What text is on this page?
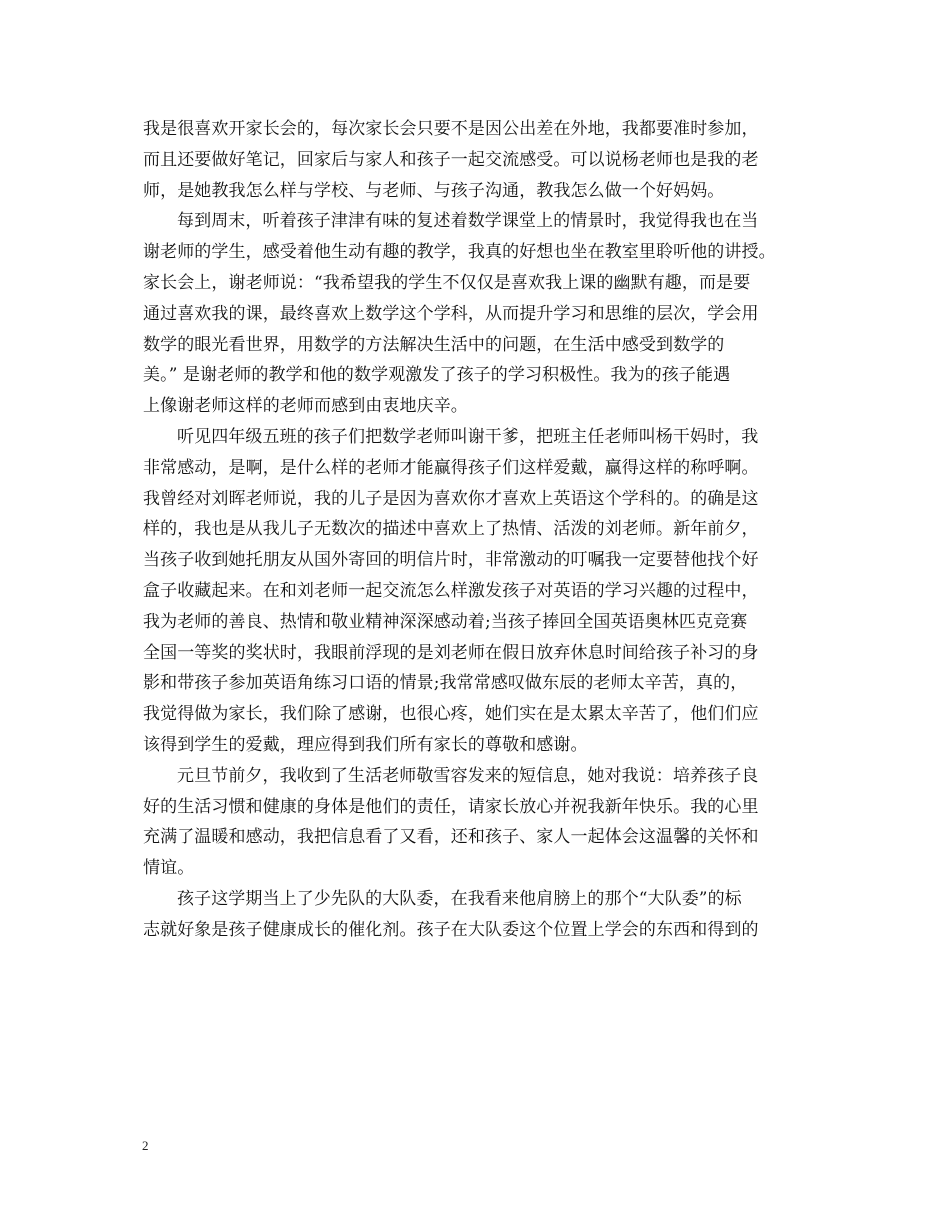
我是很喜欢开家长会的，每次家长会只要不是因公出差在外地，我都要准时参加，
而且还要做好笔记，回家后与家人和孩子一起交流感受。可以说杨老师也是我的老
师，是她教我怎么样与学校、与老师、与孩子沟通，教我怎么做一个好妈妈。
每到周末，听着孩子津津有味的复述着数学课堂上的情景时，我觉得我也在当
谢老师的学生，感受着他生动有趣的教学，我真的好想也坐在教室里聆听他的讲授。
家长会上，谢老师说：“我希望我的学生不仅仅是喜欢我上课的幽默有趣，而是要
通过喜欢我的课，最终喜欢上数学这个学科，从而提升学习和思维的层次，学会用
数学的眼光看世界，用数学的方法解决生活中的问题，在生活中感受到数学的
美。” 是谢老师的教学和他的数学观激发了孩子的学习积极性。我为的孩子能遇
上像谢老师这样的老师而感到由衷地庆辛。
听见四年级五班的孩子们把数学老师叫谢干爹，把班主任老师叫杨干妈时，我
非常感动，是啊，是什么样的老师才能赢得孩子们这样爱戴，赢得这样的称呼啊。
我曾经对刘晖老师说，我的儿子是因为喜欢你才喜欢上英语这个学科的。的确是这
样的，我也是从我儿子无数次的描述中喜欢上了热情、活泼的刘老师。新年前夕，
当孩子收到她托朋友从国外寄回的明信片时，非常激动的叮嘱我一定要替他找个好
盒子收藏起来。在和刘老师一起交流怎么样激发孩子对英语的学习兴趣的过程中，
我为老师的善良、热情和敬业精神深深感动着;当孩子捧回全国英语奥林匹克竞赛
全国一等奖的奖状时，我眼前浮现的是刘老师在假日放弃休息时间给孩子补习的身
影和带孩子参加英语角练习口语的情景;我常常感叹做东辰的老师太辛苦，真的，
我觉得做为家长，我们除了感谢，也很心疼，她们实在是太累太辛苦了，他们们应
该得到学生的爱戴，理应得到我们所有家长的尊敬和感谢。
元旦节前夕，我收到了生活老师敬雪容发来的短信息，她对我说：培养孩子良
好的生活习惯和健康的身体是他们的责任，请家长放心并祝我新年快乐。我的心里
充满了温暖和感动，我把信息看了又看，还和孩子、家人一起体会这温馨的关怀和
情谊。
孩子这学期当上了少先队的大队委，在我看来他肩膀上的那个“大队委”的标
志就好象是孩子健康成长的催化剂。孩子在大队委这个位置上学会的东西和得到的
2
